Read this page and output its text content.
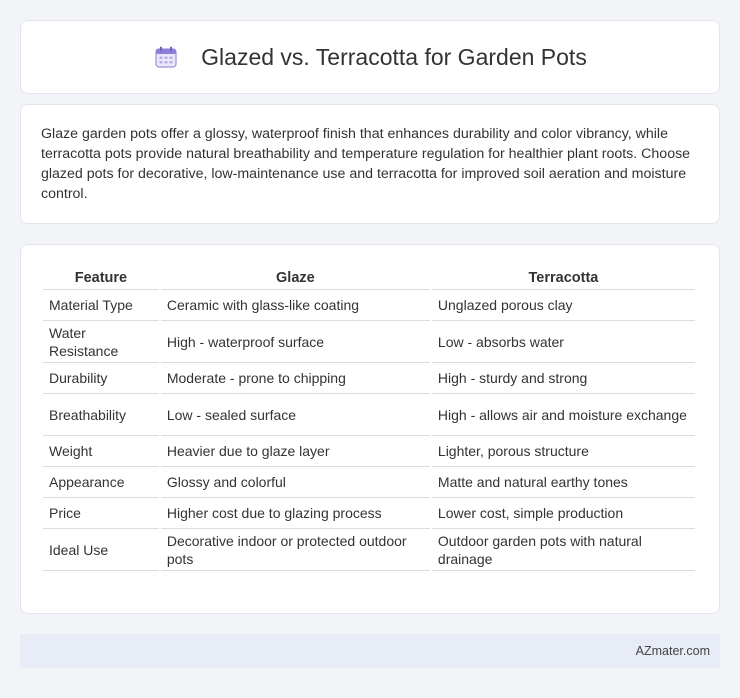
Glazed vs. Terracotta for Garden Pots

Glaze garden pots offer a glossy, waterproof finish that enhances durability and color vibrancy, while terracotta pots provide natural breathability and temperature regulation for healthier plant roots. Choose glazed pots for decorative, low-maintenance use and terracotta for improved soil aeration and moisture control.

Feature	Glaze	Terracotta
Material Type	Ceramic with glass-like coating	Unglazed porous clay
Water Resistance	High - waterproof surface	Low - absorbs water
Durability	Moderate - prone to chipping	High - sturdy and strong
Breathability	Low - sealed surface	High - allows air and moisture exchange
Weight	Heavier due to glaze layer	Lighter, porous structure
Appearance	Glossy and colorful	Matte and natural earthy tones
Price	Higher cost due to glazing process	Lower cost, simple production
Ideal Use	Decorative indoor or protected outdoor pots	Outdoor garden pots with natural drainage
AZmater.com
